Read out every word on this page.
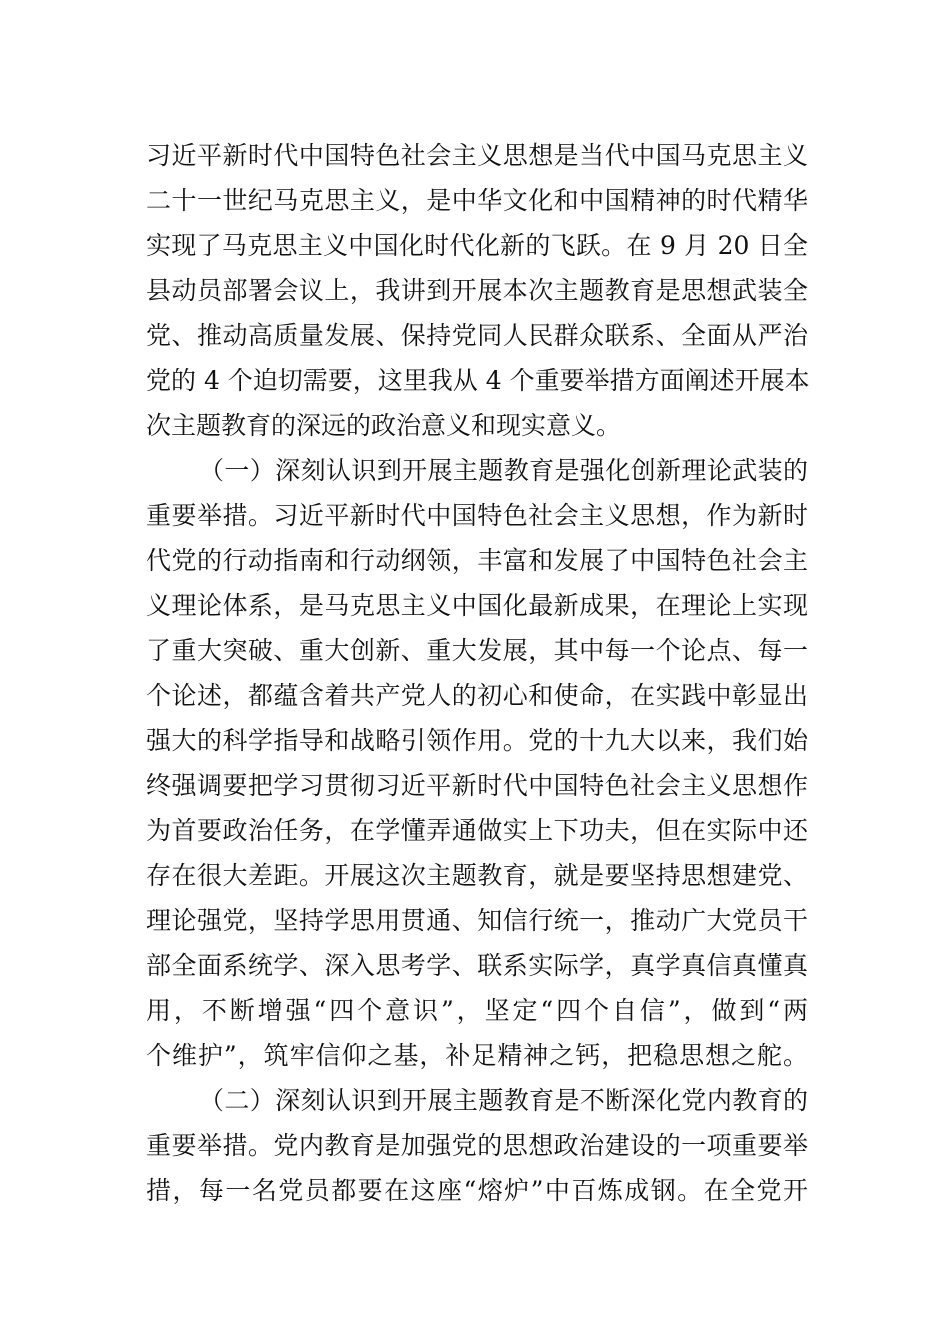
习近平新时代中国特色社会主义思想是当代中国马克思主义
二十一世纪马克思主义，是中华文化和中国精神的时代精华
实现了马克思主义中国化时代化新的飞跃。在 9 月 20 日全
县动员部署会议上，我讲到开展本次主题教育是思想武装全
党、推动高质量发展、保持党同人民群众联系、全面从严治
党的 4 个迫切需要，这里我从 4 个重要举措方面阐述开展本
次主题教育的深远的政治意义和现实意义。
（一）深刻认识到开展主题教育是强化创新理论武装的
重要举措。习近平新时代中国特色社会主义思想，作为新时
代党的行动指南和行动纲领，丰富和发展了中国特色社会主
义理论体系，是马克思主义中国化最新成果，在理论上实现
了重大突破、重大创新、重大发展，其中每一个论点、每一
个论述，都蕴含着共产党人的初心和使命，在实践中彰显出
强大的科学指导和战略引领作用。党的十九大以来，我们始
终强调要把学习贯彻习近平新时代中国特色社会主义思想作
为首要政治任务，在学懂弄通做实上下功夫，但在实际中还
存在很大差距。开展这次主题教育，就是要坚持思想建党、
理论强党，坚持学思用贯通、知信行统一，推动广大党员干
部全面系统学、深入思考学、联系实际学，真学真信真懂真
用，不断增强“四个意识”，坚定“四个自信”，做到“两
个维护”，筑牢信仰之基，补足精神之钙，把稳思想之舵。
（二）深刻认识到开展主题教育是不断深化党内教育的
重要举措。党内教育是加强党的思想政治建设的一项重要举
措，每一名党员都要在这座“熔炉”中百炼成钢。在全党开
